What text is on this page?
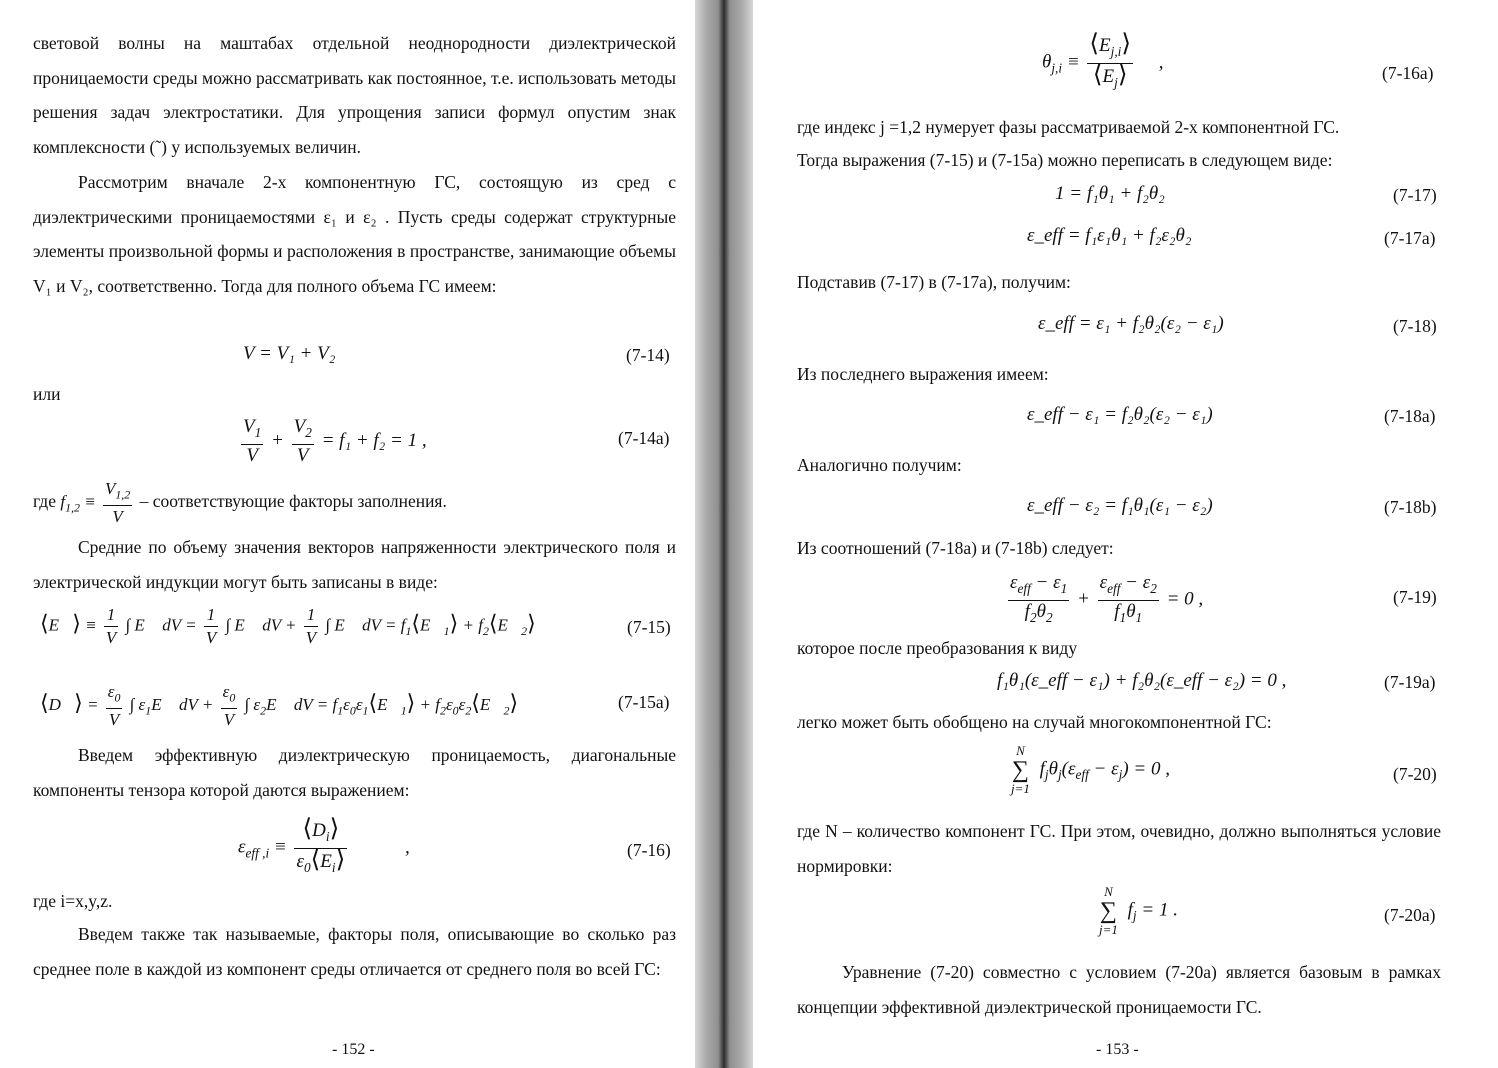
световой волны на маштабах отдельной неоднородности диэлектрической проницаемости среды можно рассматривать как постоянное, т.е. использовать методы решения задач электростатики. Для упрощения записи формул опустим знак комплексности (˜) у используемых величин.
Рассмотрим вначале 2-х компонентную ГС, состоящую из сред с диэлектрическими проницаемостями ε₁ и ε₂ . Пусть среды содержат структурные элементы произвольной формы и расположения в пространстве, занимающие объемы V₁ и V₂, соответственно. Тогда для полного объема ГС имеем:
V = V₁ + V₂	(7-14)
или
$\frac{V_1}{V} + \frac{V_2}{V} = f_1 + f_2 = 1$ ,	(7-14a)
где $f_{1,2} \equiv \frac{V_{1,2}}{V}$ – соответствующие факторы заполнения.
Средние по объему значения векторов напряженности электрического поля и электрической индукции могут быть записаны в виде:
⟨E⃗⟩ ≡ $\frac{1}{V}$ ∫ E⃗ dV = $\frac{1}{V}$ ∫ E⃗ dV + $\frac{1}{V}$ ∫ E⃗ dV = $f_1⟨E⃗_1⟩$ + $f_2⟨E⃗_2⟩$	(7-15)
⟨D⃗⟩ = $\frac{\varepsilon_0}{V}$ ∫ $\varepsilon_1E⃗$ dV + $\frac{\varepsilon_0}{V}$ ∫ $\varepsilon_2E⃗$ dV = $f_1\varepsilon_0\varepsilon_1⟨E⃗_1⟩$ + $f_2\varepsilon_0\varepsilon_2⟨E⃗_2⟩$	(7-15a)
Введем эффективную диэлектрическую проницаемость, диагональные компоненты тензора которой даются выражением:
$\varepsilon_{eff ,i} \equiv \frac{⟨D_i⟩}{\varepsilon_0⟨E_i⟩}$	,	(7-16)
где i=x,y,z.
Введем также так называемые, факторы поля, описывающие во сколько раз среднее поле в каждой из компонент среды отличается от среднего поля во всей ГС:
- 152 -
$\theta_{j,i} \equiv \frac{⟨E_{j,i}⟩}{⟨E_j⟩}$ ,
(7-16a)
где индекс j =1,2 нумерует фазы рассматриваемой 2-х компонентной ГС.
Тогда выражения (7-15) и (7-15a) можно переписать в следующем виде:
1 = f₁θ₁ + f₂θ₂	(7-17)
ε_eff = f₁ε₁θ₁ + f₂ε₂θ₂	(7-17a)
Подставив (7-17) в (7-17a), получим:
ε_eff = ε₁ + f₂θ₂(ε₂ − ε₁)	(7-18)
Из последнего выражения имеем:
ε_eff − ε₁ = f₂θ₂(ε₂ − ε₁)	(7-18a)
Аналогично получим:
ε_eff − ε₂ = f₁θ₁(ε₁ − ε₂)	(7-18b)
Из соотношений (7-18a) и (7-18b) следует:
$\frac{\varepsilon_{eff} - \varepsilon_1}{f_2\theta_2} + \frac{\varepsilon_{eff} - \varepsilon_2}{f_1\theta_1} = 0$ ,	(7-19)
которое после преобразования к виду
f₁θ₁(ε_eff − ε₁) + f₂θ₂(ε_eff − ε₂) = 0 ,	(7-19a)
легко может быть обобщено на случай многокомпонентной ГС:
N
∑
j=1
$f_j\theta_j(\varepsilon_{eff} - \varepsilon_j) = 0$ ,	(7-20)
где N – количество компонент ГС. При этом, очевидно, должно выполняться условие нормировки:
N
∑
j=1
$f_j = 1$ .	(7-20a)
Уравнение (7-20) совместно с условием (7-20a) является базовым в рамках концепции эффективной диэлектрической проницаемости ГС.
- 153 -
